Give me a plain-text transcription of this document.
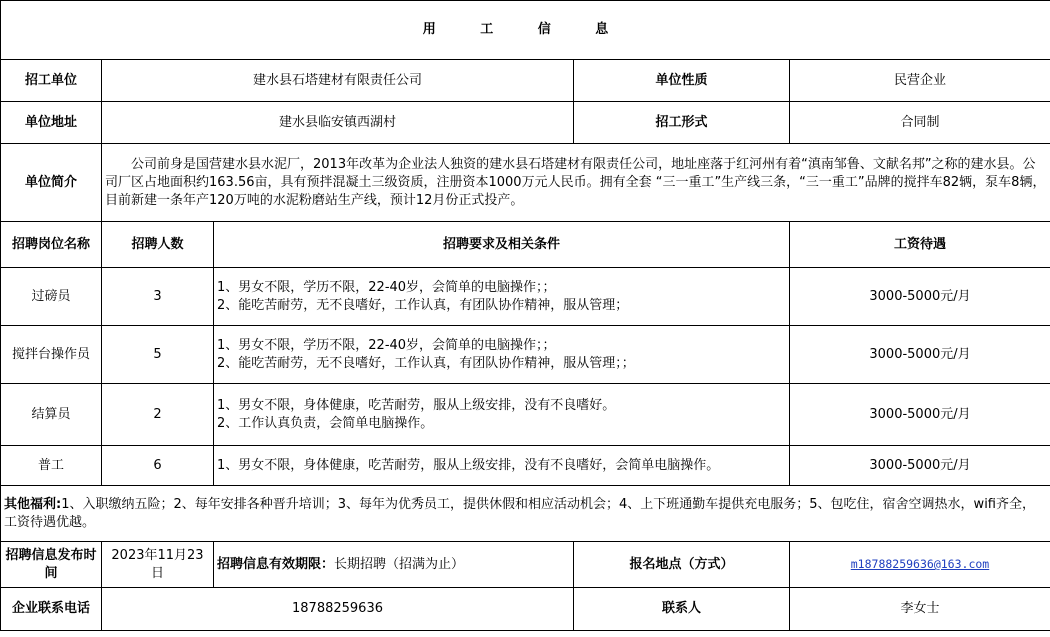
用 工 信 息				
招工单位	建水县石塔建材有限责任公司		单位性质	民营企业
单位地址	建水县临安镇西湖村		招工形式	合同制
单位简介	公司前身是国营建水县水泥厂，2013年改革为企业法人独资的建水县石塔建材有限责任公司，地址座落于红河州有着“滇南邹鲁、文献名邦”之称的建水县。公司厂区占地面积约163.56亩，具有预拌混凝土三级资质，注册资本1000万元人民币。拥有全套 “三一重工”生产线三条，“三一重工”品牌的搅拌车82辆，泵车8辆，目前新建一条年产120万吨的水泥粉磨站生产线，预计12月份正式投产。			
招聘岗位名称	招聘人数	招聘要求及相关条件		工资待遇
过磅员	3	1、男女不限，学历不限，22-40岁，会简单的电脑操作；；
2、能吃苦耐劳，无不良嗜好，工作认真，有团队协作精神，服从管理；		3000-5000元/月
搅拌台操作员	5	1、男女不限，学历不限，22-40岁，会简单的电脑操作；；
2、能吃苦耐劳，无不良嗜好，工作认真，有团队协作精神，服从管理；；		3000-5000元/月
结算员	2	1、男女不限，身体健康，吃苦耐劳，服从上级安排，没有不良嗜好。
2、工作认真负责，会简单电脑操作。		3000-5000元/月
普工	6	1、男女不限，身体健康，吃苦耐劳，服从上级安排，没有不良嗜好，会简单电脑操作。		3000-5000元/月
其他福利:1、入职缴纳五险；2、每年安排各种晋升培训；3、每年为优秀员工，提供休假和相应活动机会；4、上下班通勤车提供充电服务；5、包吃住，宿舍空调热水，wifi齐全，工资待遇优越。				
招聘信息发布时间	2023年11月23日	招聘信息有效期限：长期招聘（招满为止）	报名地点（方式）	m18788259636@163.com
企业联系电话	18788259636		联系人	李女士
